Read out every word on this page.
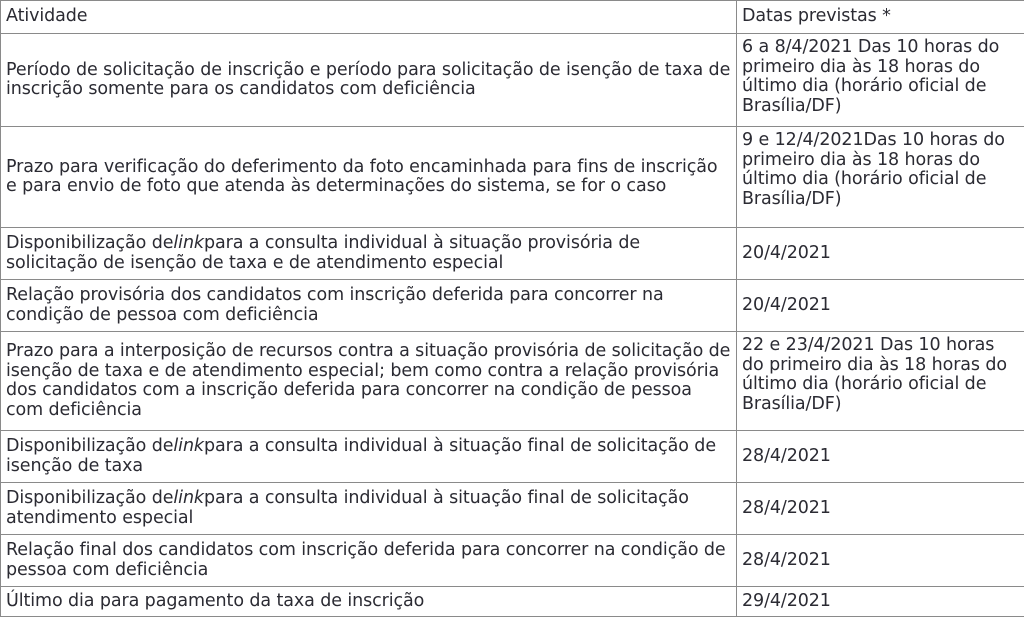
Atividade	Datas previstas *
Período de solicitação de inscrição e período para solicitação de isenção de taxa de inscrição somente para os candidatos com deficiência	6 a 8/4/2021 Das 10 horas do primeiro dia às 18 horas do último dia (horário oficial de Brasília/DF)
Prazo para verificação do deferimento da foto encaminhada para fins de inscrição e para envio de foto que atenda às determinações do sistema, se for o caso	9 e 12/4/2021Das 10 horas do primeiro dia às 18 horas do último dia (horário oficial de Brasília/DF)
Disponibilização delinkpara a consulta individual à situação provisória de solicitação de isenção de taxa e de atendimento especial	20/4/2021
Relação provisória dos candidatos com inscrição deferida para concorrer na condição de pessoa com deficiência	20/4/2021
Prazo para a interposição de recursos contra a situação provisória de solicitação de isenção de taxa e de atendimento especial; bem como contra a relação provisória dos candidatos com a inscrição deferida para concorrer na condição de pessoa com deficiência	22 e 23/4/2021 Das 10 horas do primeiro dia às 18 horas do último dia (horário oficial de Brasília/DF)
Disponibilização delinkpara a consulta individual à situação final de solicitação de isenção de taxa	28/4/2021
Disponibilização delinkpara a consulta individual à situação final de solicitação atendimento especial	28/4/2021
Relação final dos candidatos com inscrição deferida para concorrer na condição de pessoa com deficiência	28/4/2021
Último dia para pagamento da taxa de inscrição	29/4/2021
